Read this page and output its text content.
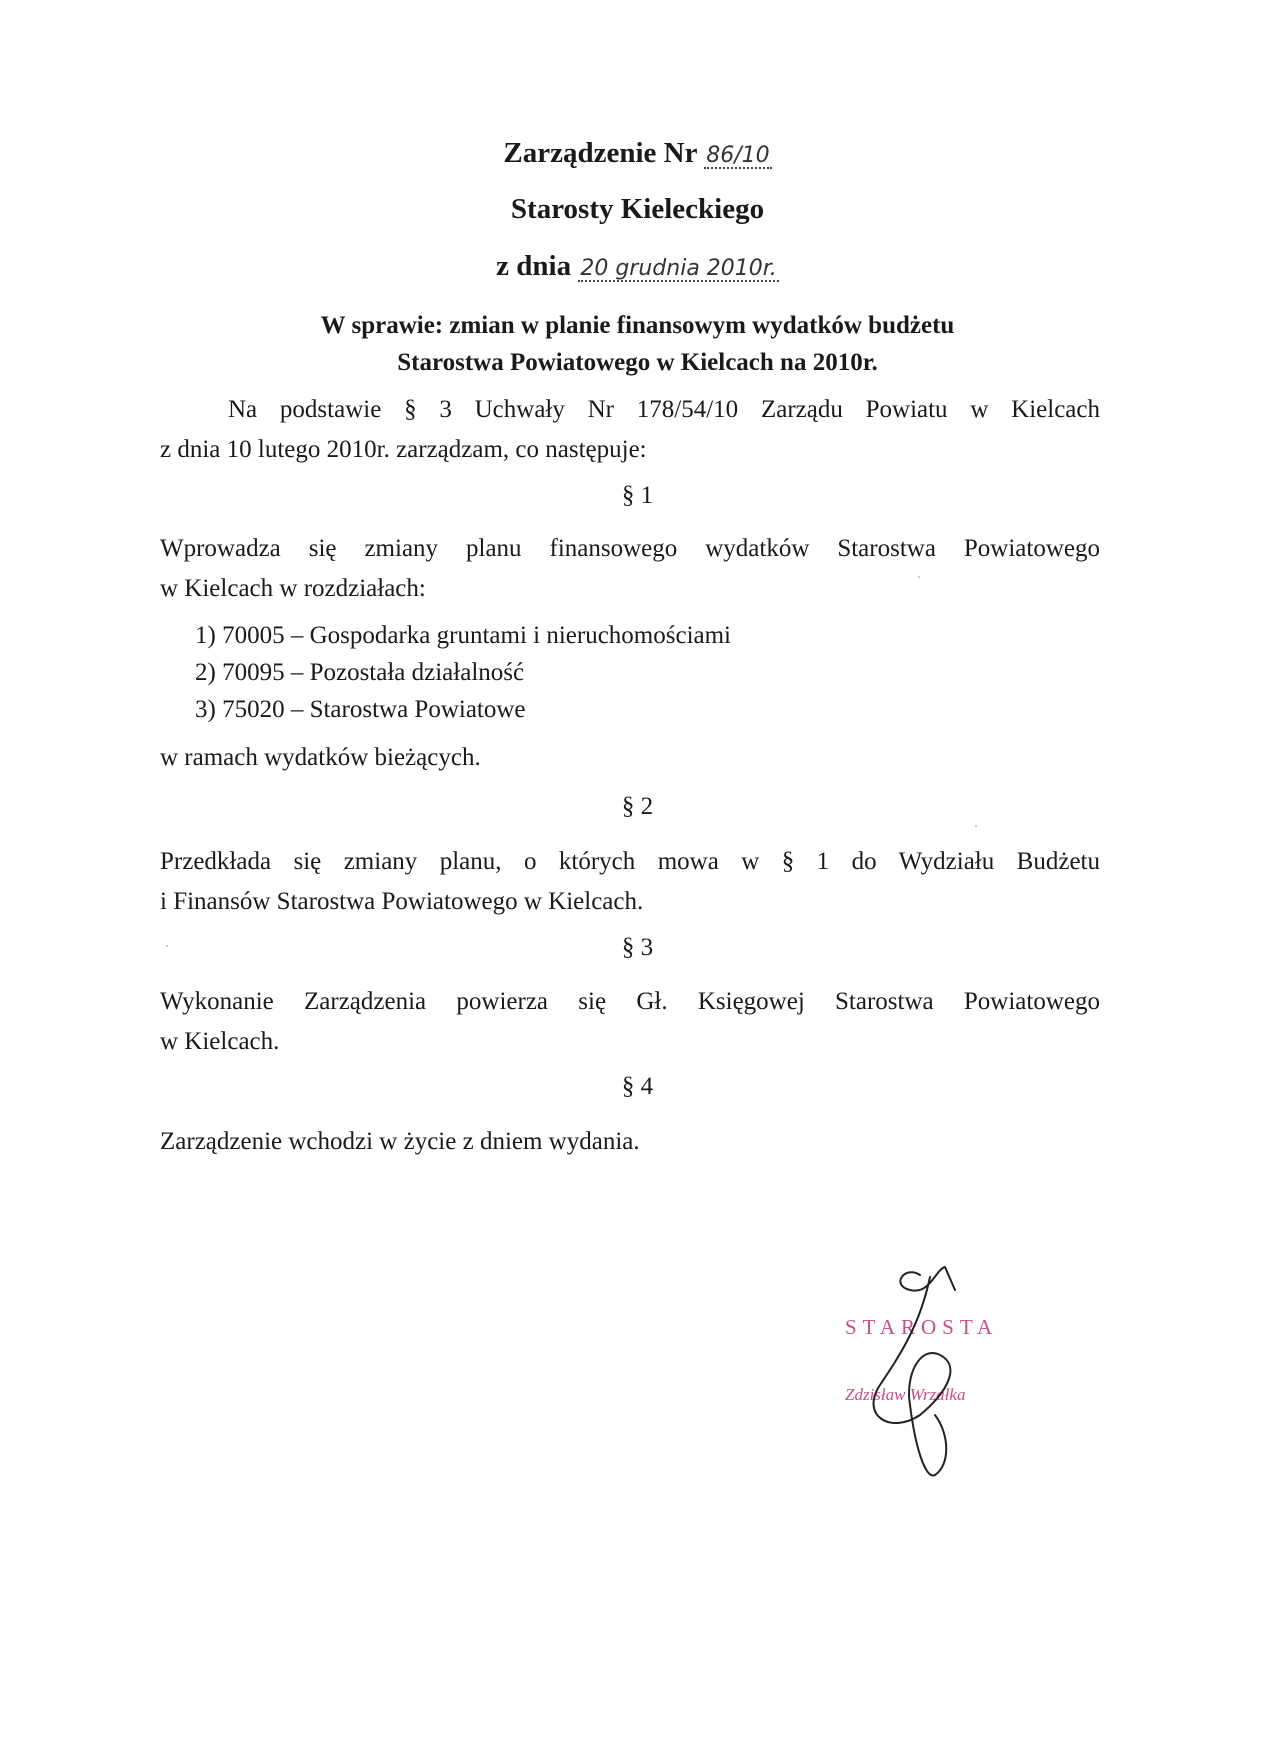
Zarządzenie Nr 86/10
Starosty Kieleckiego
z dnia 20 grudnia 2010r.
W sprawie: zmian w planie finansowym wydatków budżetu
Starostwa Powiatowego w Kielcach na 2010r.
Na podstawie § 3 Uchwały Nr 178/54/10 Zarządu Powiatu w Kielcach
z dnia 10 lutego 2010r. zarządzam, co następuje:
§ 1
Wprowadza się zmiany planu finansowego wydatków Starostwa Powiatowego
w Kielcach w rozdziałach:
1) 70005 – Gospodarka gruntami i nieruchomościami
2) 70095 – Pozostała działalność
3) 75020 – Starostwa Powiatowe
w ramach wydatków bieżących.
§ 2
Przedkłada się zmiany planu, o których mowa w § 1 do Wydziału Budżetu
i Finansów Starostwa Powiatowego w Kielcach.
§ 3
Wykonanie Zarządzenia powierza się Gł. Księgowej Starostwa Powiatowego
w Kielcach.
§ 4
Zarządzenie wchodzi w życie z dniem wydania.
STAROSTA
Zdzisław Wrzałka
